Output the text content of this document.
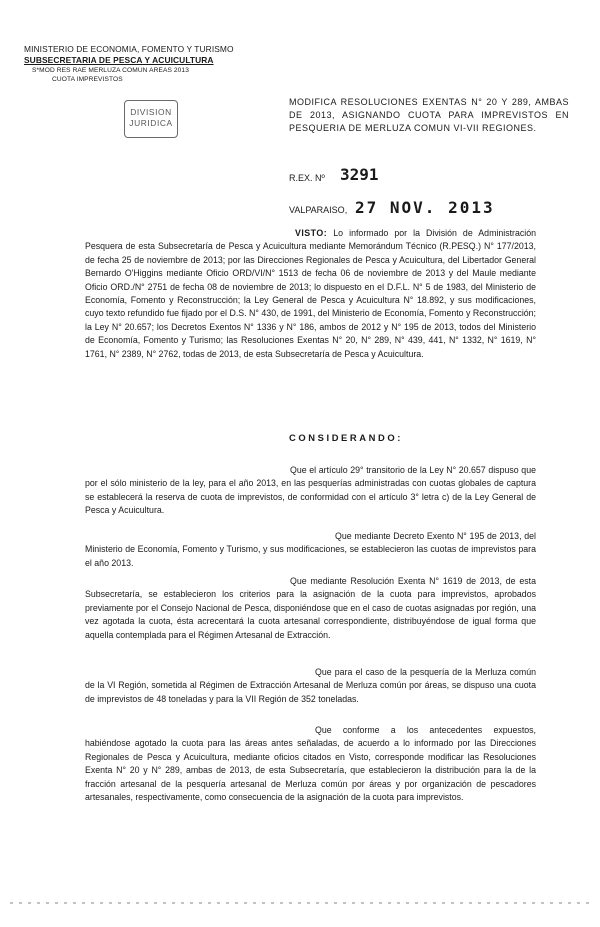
MINISTERIO DE ECONOMIA, FOMENTO Y TURISMO
SUBSECRETARIA DE PESCA Y ACUICULTURA
S*MOD RES RAE MERLUZA COMUN AREAS 2013
CUOTA IMPREVISTOS
DIVISION
JURIDICA
MODIFICA RESOLUCIONES EXENTAS N° 20 Y 289, AMBAS DE 2013, ASIGNANDO CUOTA PARA IMPREVISTOS EN PESQUERIA DE MERLUZA COMUN VI-VII REGIONES.
R.EX. Nº 3291
VALPARAISO, 27 NOV. 2013
VISTO: Lo informado por la División de Administración Pesquera de esta Subsecretaría de Pesca y Acuicultura mediante Memorándum Técnico (R.PESQ.) N° 177/2013, de fecha 25 de noviembre de 2013; por las Direcciones Regionales de Pesca y Acuicultura, del Libertador General Bernardo O'Higgins mediante Oficio ORD/VI/N° 1513 de fecha 06 de noviembre de 2013 y del Maule mediante Oficio ORD./N° 2751 de fecha 08 de noviembre de 2013; lo dispuesto en el D.F.L. N° 5 de 1983, del Ministerio de Economía, Fomento y Reconstrucción; la Ley General de Pesca y Acuicultura N° 18.892, y sus modificaciones, cuyo texto refundido fue fijado por el D.S. N° 430, de 1991, del Ministerio de Economía, Fomento y Reconstrucción; la Ley N° 20.657; los Decretos Exentos N° 1336 y N° 186, ambos de 2012 y N° 195 de 2013, todos del Ministerio de Economía, Fomento y Turismo; las Resoluciones Exentas N° 20, N° 289, N° 439, 441, N° 1332, N° 1619, N° 1761, N° 2389, N° 2762, todas de 2013, de esta Subsecretaría de Pesca y Acuicultura.
CONSIDERANDO:
Que el artículo 29° transitorio de la Ley N° 20.657 dispuso que por el sólo ministerio de la ley, para el año 2013, en las pesquerías administradas con cuotas globales de captura se establecerá la reserva de cuota de imprevistos, de conformidad con el artículo 3° letra c) de la Ley General de Pesca y Acuicultura.
Que mediante Decreto Exento N° 195 de 2013, del Ministerio de Economía, Fomento y Turismo, y sus modificaciones, se establecieron las cuotas de imprevistos para el año 2013.
Que mediante Resolución Exenta N° 1619 de 2013, de esta Subsecretaría, se establecieron los criterios para la asignación de la cuota para imprevistos, aprobados previamente por el Consejo Nacional de Pesca, disponiéndose que en el caso de cuotas asignadas por región, una vez agotada la cuota, ésta acrecentará la cuota artesanal correspondiente, distribuyéndose de igual forma que aquella contemplada para el Régimen Artesanal de Extracción.
Que para el caso de la pesquería de la Merluza común de la VI Región, sometida al Régimen de Extracción Artesanal de Merluza común por áreas, se dispuso una cuota de imprevistos de 48 toneladas y para la VII Región de 352 toneladas.
Que conforme a los antecedentes expuestos, habiéndose agotado la cuota para las áreas antes señaladas, de acuerdo a lo informado por las Direcciones Regionales de Pesca y Acuicultura, mediante oficios citados en Visto, corresponde modificar las Resoluciones Exenta N° 20 y N° 289, ambas de 2013, de esta Subsecretaría, que establecieron la distribución para la de la fracción artesanal de la pesquería artesanal de Merluza común por áreas y por organización de pescadores artesanales, respectivamente, como consecuencia de la asignación de la cuota para imprevistos.
